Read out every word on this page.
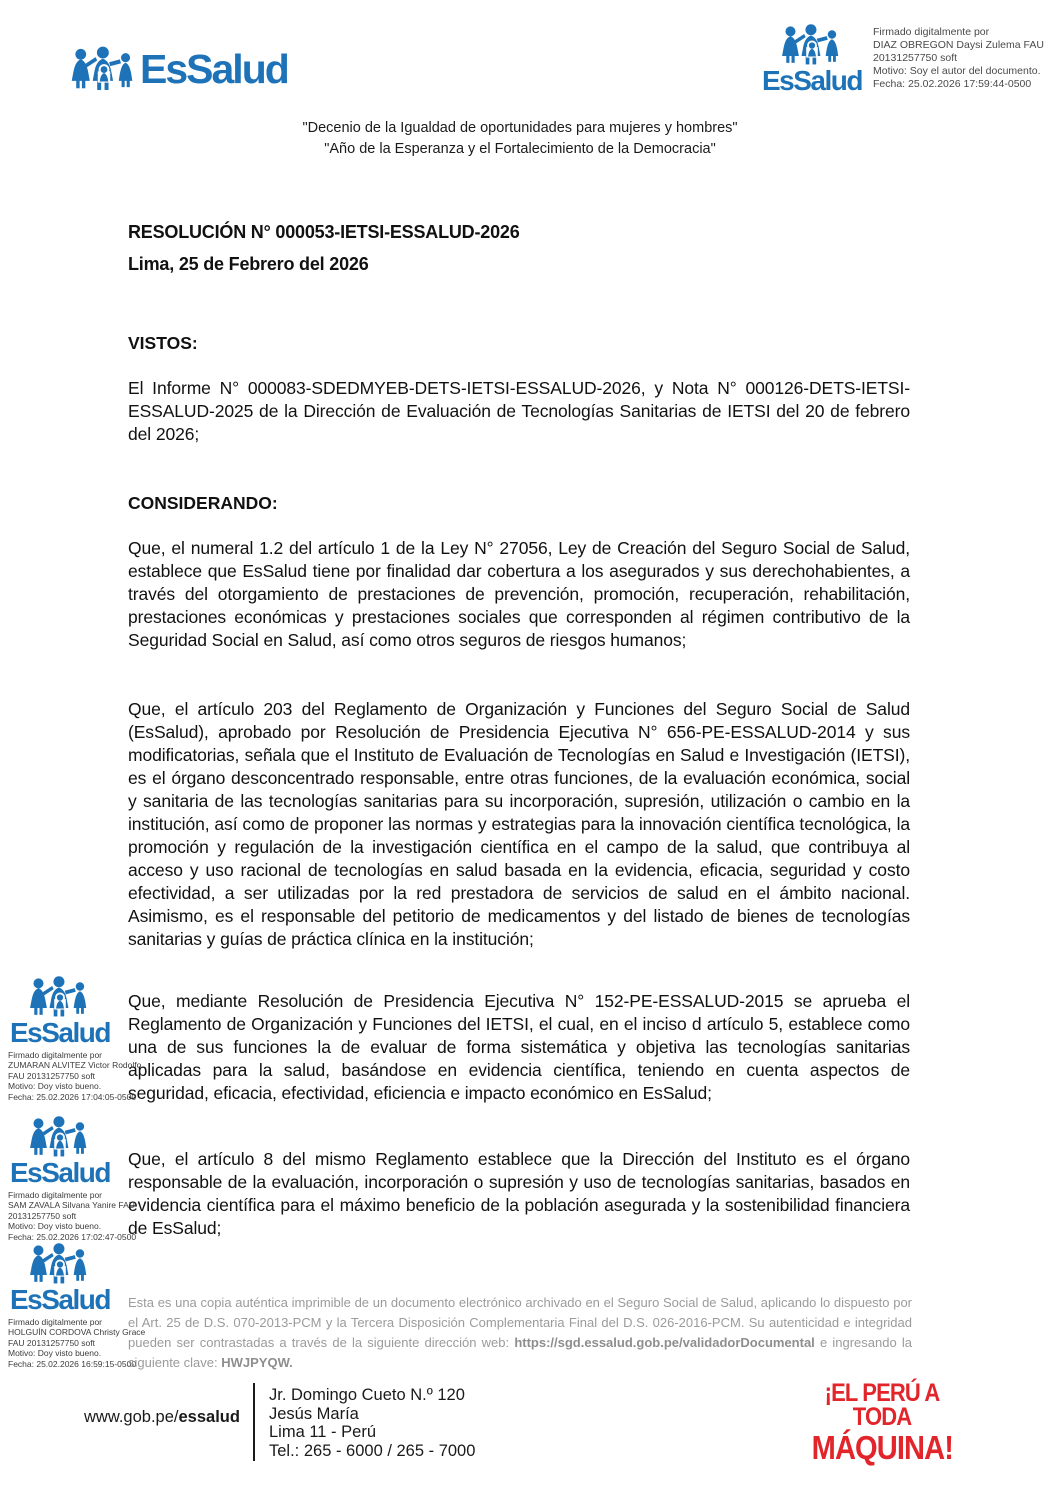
EsSalud	EsSalud
Firmado digitalmente por
DIAZ OBREGON Daysi Zulema FAU
20131257750 soft
Motivo: Soy el autor del documento.
Fecha: 25.02.2026 17:59:44-0500
"Decenio de la Igualdad de oportunidades para mujeres y hombres"
"Año de la Esperanza y el Fortalecimiento de la Democracia"
RESOLUCIÓN N° 000053-IETSI-ESSALUD-2026
Lima, 25 de Febrero del 2026
VISTOS:
El Informe N° 000083-SDEDMYEB-DETS-IETSI-ESSALUD-2026, y Nota N° 000126-DETS-IETSI-ESSALUD-2025 de la Dirección de Evaluación de Tecnologías Sanitarias de IETSI del 20 de febrero del 2026;
CONSIDERANDO:
Que, el numeral 1.2 del artículo 1 de la Ley N° 27056, Ley de Creación del Seguro Social de Salud, establece que EsSalud tiene por finalidad dar cobertura a los asegurados y sus derechohabientes, a través del otorgamiento de prestaciones de prevención, promoción, recuperación, rehabilitación, prestaciones económicas y prestaciones sociales que corresponden al régimen contributivo de la Seguridad Social en Salud, así como otros seguros de riesgos humanos;
Que, el artículo 203 del Reglamento de Organización y Funciones del Seguro Social de Salud (EsSalud), aprobado por Resolución de Presidencia Ejecutiva N° 656-PE-ESSALUD-2014 y sus modificatorias, señala que el Instituto de Evaluación de Tecnologías en Salud e Investigación (IETSI), es el órgano desconcentrado responsable, entre otras funciones, de la evaluación económica, social y sanitaria de las tecnologías sanitarias para su incorporación, supresión, utilización o cambio en la institución, así como de proponer las normas y estrategias para la innovación científica tecnológica, la promoción y regulación de la investigación científica en el campo de la salud, que contribuya al acceso y uso racional de tecnologías en salud basada en la evidencia, eficacia, seguridad y costo efectividad, a ser utilizadas por la red prestadora de servicios de salud en el ámbito nacional. Asimismo, es el responsable del petitorio de medicamentos y del listado de bienes de tecnologías sanitarias y guías de práctica clínica en la institución;
Que, mediante Resolución de Presidencia Ejecutiva N° 152-PE-ESSALUD-2015 se aprueba el Reglamento de Organización y Funciones del IETSI, el cual, en el inciso d artículo 5, establece como una de sus funciones la de evaluar de forma sistemática y objetiva las tecnologías sanitarias aplicadas para la salud, basándose en evidencia científica, teniendo en cuenta aspectos de seguridad, eficacia, efectividad, eficiencia e impacto económico en EsSalud;
Que, el artículo 8 del mismo Reglamento establece que la Dirección del Instituto es el órgano responsable de la evaluación, incorporación o supresión y uso de tecnologías sanitarias, basados en evidencia científica para el máximo beneficio de la población asegurada y la sostenibilidad financiera de EsSalud;
EsSalud
Firmado digitalmente por
ZUMARAN ALVITEZ Victor Rodolfo
FAU 20131257750 soft
Motivo: Doy visto bueno.
Fecha: 25.02.2026 17:04:05-0500
EsSalud
Firmado digitalmente por
SAM ZAVALA Silvana Yanire FAU
20131257750 soft
Motivo: Doy visto bueno.
Fecha: 25.02.2026 17:02:47-0500
EsSalud
Firmado digitalmente por
HOLGUÍN CORDOVA Christy Grace
FAU 20131257750 soft
Motivo: Doy visto bueno.
Fecha: 25.02.2026 16:59:15-0500
Esta es una copia auténtica imprimible de un documento electrónico archivado en el Seguro Social de Salud, aplicando lo dispuesto por el Art. 25 de D.S. 070-2013-PCM y la Tercera Disposición Complementaria Final del D.S. 026-2016-PCM. Su autenticidad e integridad pueden ser contrastadas a través de la siguiente dirección web: https://sgd.essalud.gob.pe/validadorDocumental e ingresando la siguiente clave: HWJPYQW.
www.gob.pe/essalud
Jr. Domingo Cueto N.º 120
Jesús María
Lima 11 - Perú
Tel.: 265 - 6000 / 265 - 7000
¡EL PERÚ A TODA
MÁQUINA!
